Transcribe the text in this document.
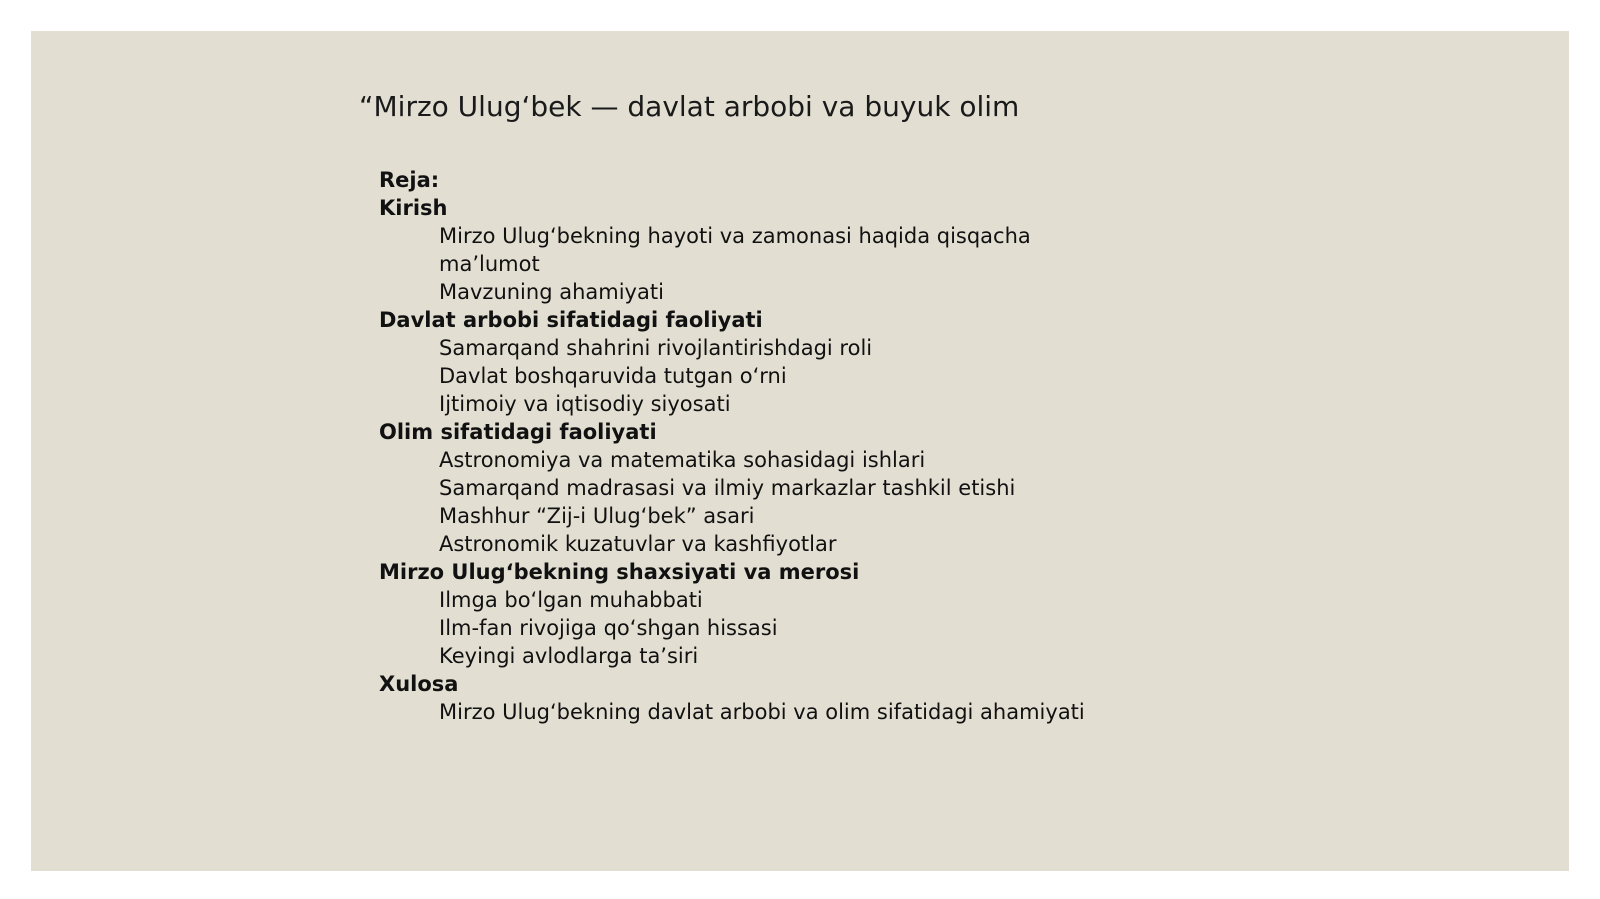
“Mirzo Ulug‘bek — davlat arbobi va buyuk olim

Reja:

Kirish

Mirzo Ulug‘bekning hayoti va zamonasi haqida qisqacha ma’lumot
Mavzuning ahamiyati

Davlat arbobi sifatidagi faoliyati

Samarqand shahrini rivojlantirishdagi roli
Davlat boshqaruvida tutgan o‘rni
Ijtimoiy va iqtisodiy siyosati

Olim sifatidagi faoliyati

Astronomiya va matematika sohasidagi ishlari
Samarqand madrasasi va ilmiy markazlar tashkil etishi
Mashhur “Zij-i Ulug‘bek” asari
Astronomik kuzatuvlar va kashfiyotlar

Mirzo Ulug‘bekning shaxsiyati va merosi

Ilmga bo‘lgan muhabbati
Ilm-fan rivojiga qo‘shgan hissasi
Keyingi avlodlarga ta’siri

Xulosa

Mirzo Ulug‘bekning davlat arbobi va olim sifatidagi ahamiyati
